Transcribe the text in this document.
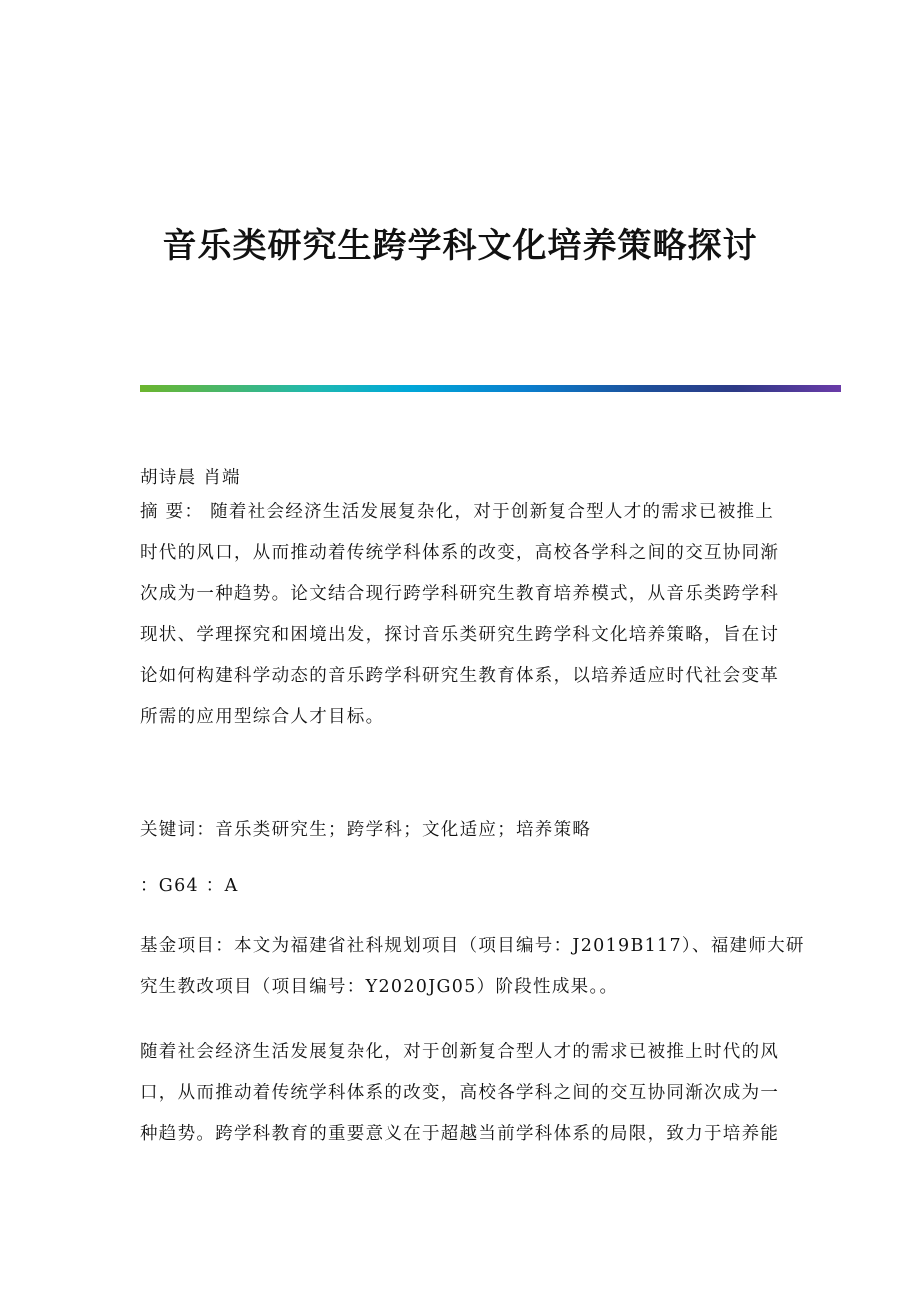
音乐类研究生跨学科文化培养策略探讨
胡诗晨 肖端
摘 要： 随着社会经济生活发展复杂化，对于创新复合型人才的需求已被推上
时代的风口，从而推动着传统学科体系的改变，高校各学科之间的交互协同渐
次成为一种趋势。论文结合现行跨学科研究生教育培养模式，从音乐类跨学科
现状、学理探究和困境出发，探讨音乐类研究生跨学科文化培养策略，旨在讨
论如何构建科学动态的音乐跨学科研究生教育体系，以培养适应时代社会变革
所需的应用型综合人才目标。
关键词：音乐类研究生；跨学科；文化适应；培养策略
：G64 ：A
基金项目：本文为福建省社科规划项目（项目编号：J2019B117）、福建师大研
究生教改项目（项目编号：Y2020JG05）阶段性成果。。
随着社会经济生活发展复杂化，对于创新复合型人才的需求已被推上时代的风
口，从而推动着传统学科体系的改变，高校各学科之间的交互协同渐次成为一
种趋势。跨学科教育的重要意义在于超越当前学科体系的局限，致力于培养能
